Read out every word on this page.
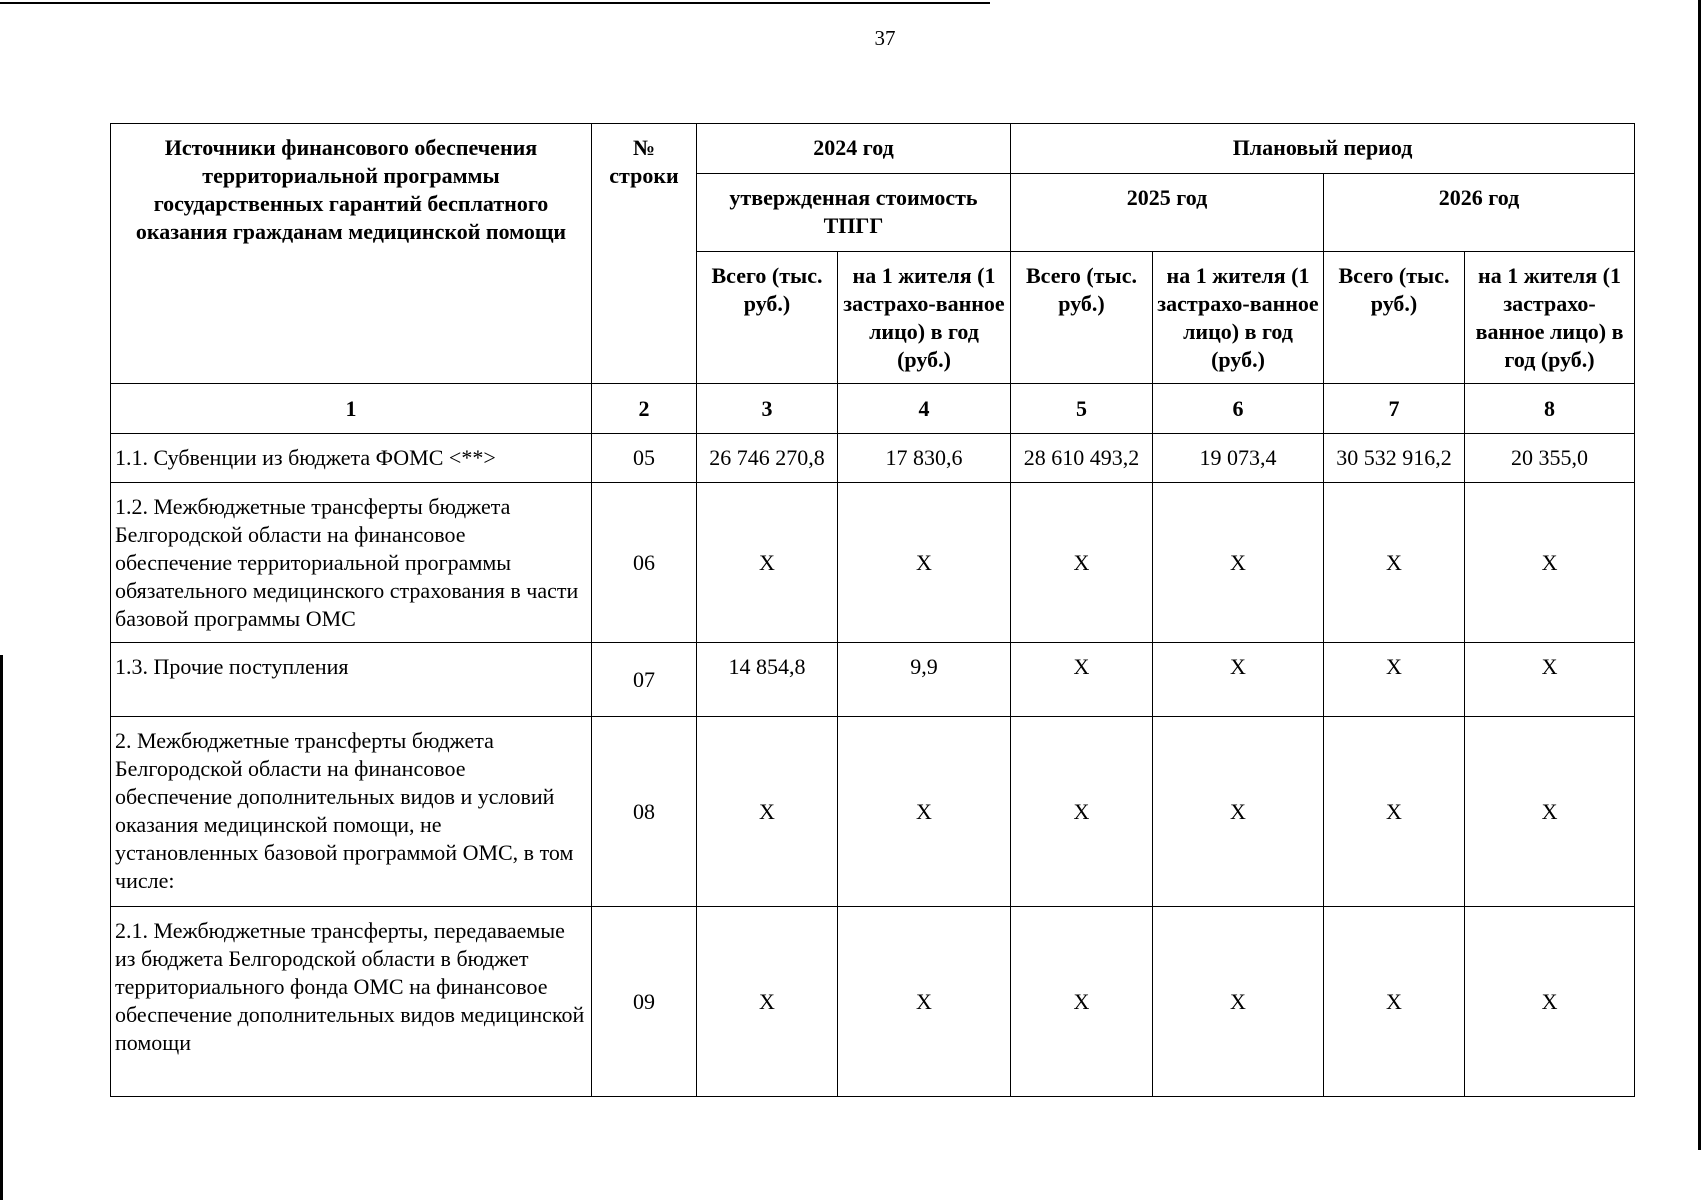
37
Источники финансового обеспечения территориальной программы государственных гарантий бесплатного оказания гражданам медицинской помощи	№ строки	2024 год		Плановый период			
		утвержденная стоимость ТПГГ		2025 год		2026 год	
		Всего (тыс. руб.)	на 1 жителя (1 застрахо-ванное лицо) в год (руб.)	Всего (тыс. руб.)	на 1 жителя (1 застрахо-ванное лицо) в год (руб.)	Всего (тыс. руб.)	на 1 жителя (1 застрахо-ванное лицо) в год (руб.)
1	2	3	4	5	6	7	8
1.1. Субвенции из бюджета ФОМС <**>	05	26 746 270,8	17 830,6	28 610 493,2	19 073,4	30 532 916,2	20 355,0
1.2. Межбюджетные трансферты бюджета Белгородской области на финансовое обеспечение территориальной программы обязательного медицинского страхования в части базовой программы ОМС	06	X	X	X	X	X	X
1.3. Прочие поступления	07	14 854,8	9,9	X	X	X	X
2. Межбюджетные трансферты бюджета Белгородской области на финансовое обеспечение дополнительных видов и условий оказания медицинской помощи, не установленных базовой программой ОМС, в том числе:	08	X	X	X	X	X	X
2.1. Межбюджетные трансферты, передаваемые из бюджета Белгородской области в бюджет территориального фонда ОМС на финансовое обеспечение дополнительных видов медицинской помощи	09	X	X	X	X	X	X
